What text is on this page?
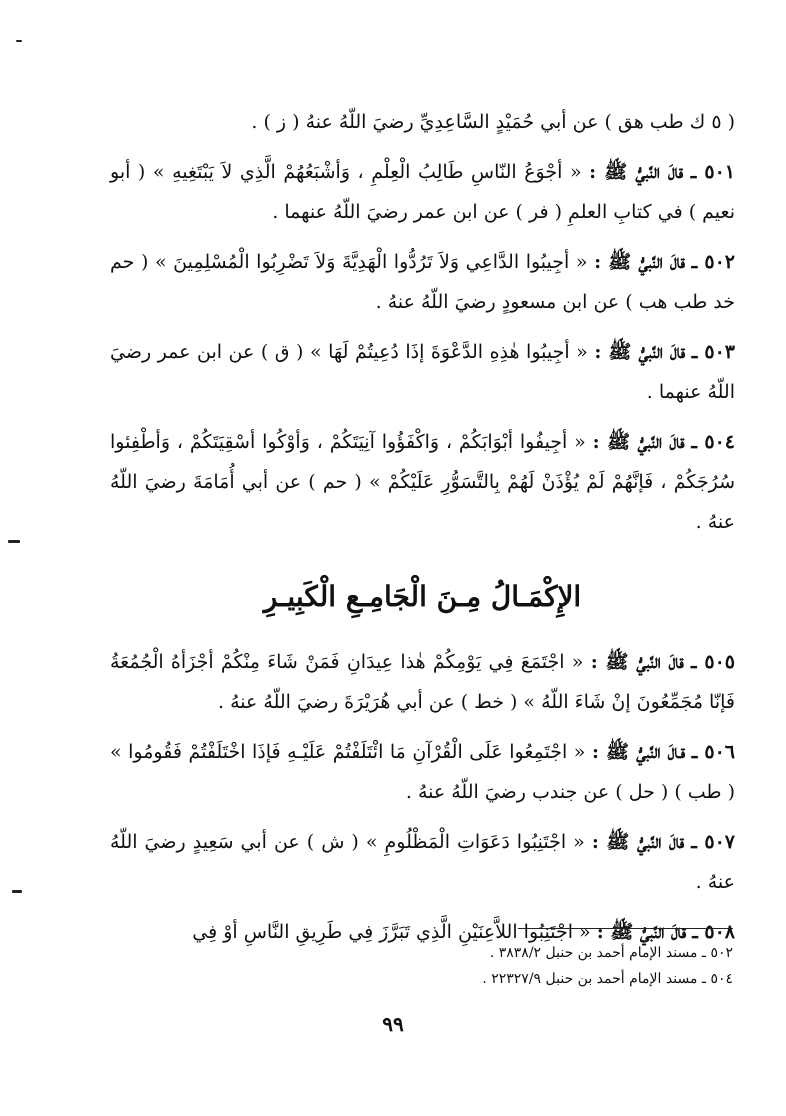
( ٥ ك طب هق ) عن أبي حُمَيْدٍ السَّاعِدِيِّ رضيَ اللّهُ عنهُ ( ز ) .

٥٠١ ـ قالَ النَّبيُّ ﷺ : « أجْوَعُ النّاسِ طَالِبُ الْعِلْمِ ، وَأشْبَعُهُمْ الَّذِي لاَ يَبْتَغِيهِ » ( أبو نعيم ) في كتابِ العلمِ ( فر ) عن ابن عمر رضيَ اللّهُ عنهما .

٥٠٢ ـ قالَ النَّبيُّ ﷺ : « أجِيبُوا الدَّاعِي وَلاَ تَرُدُّوا الْهَدِيَّةَ وَلاَ تَضْرِبُوا الْمُسْلِمِينَ » ( حم خد طب هب ) عن ابن مسعودٍ رضيَ اللّهُ عنهُ .

٥٠٣ ـ قالَ النَّبيُّ ﷺ : « أجِيبُوا هٰذِهِ الدَّعْوَةَ إذَا دُعِيتُمْ لَهَا » ( ق ) عن ابن عمر رضيَ اللّهُ عنهما .

٥٠٤ ـ قالَ النَّبيُّ ﷺ : « أجِيفُوا أبْوَابَكُمْ ، وَاكْفَؤُوا آنِيَتَكُمْ ، وَأوْكُوا أسْقِيَتَكُمْ ، وَأطْفِئوا سُرُجَكُمْ ، فَإنَّهُمْ لَمْ يُؤْذَنْ لَهُمْ بِالتَّسَوُّرِ عَلَيْكُمْ » ( حم ) عن أبي أُمَامَةَ رضيَ اللّهُ عنهُ .

الإِكْمَـالُ مِـنَ الْجَامِـعِ الْكَبِيـرِ

٥٠٥ ـ قالَ النَّبيُّ ﷺ : « اجْتَمَعَ فِي يَوْمِكُمْ هٰذا عِيدَانِ فَمَنْ شَاءَ مِنْكُمْ أجْزَأهُ الْجُمُعَةُ فَإنّا مُجَمِّعُونَ إنْ شَاءَ اللّهُ » ( خط ) عن أبي هُرَيْرَةَ رضيَ اللّهُ عنهُ .

٥٠٦ ـ قـالَ النَّبيُّ ﷺ : « اجْتَمِعُوا عَلَى الْقُرْآنِ مَا ائْتَلَفْتُمْ عَلَيْـهِ فَإذَا اخْتَلَفْتُمْ فَقُومُوا » ( طب ) ( حل ) عن جندب رضيَ اللّهُ عنهُ .

٥٠٧ ـ قالَ النَّبيُّ ﷺ : « اجْتَنِبُوا دَعَوَاتِ الْمَظْلُومِ » ( ش ) عن أبي سَعِيدٍ رضيَ اللّهُ عنهُ .

٥٠٨ ـ قالَ النَّبيُّ ﷺ : « اجْتَنِبُوا اللاَّعِنَيْنِ الَّذِي تَبَرَّزَ فِي طَرِيقِ النَّاسِ أوْ فِي

٥٠٢ ـ مسند الإمام أحمد بن حنبل ٣٨٣٨/٢ .
٥٠٤ ـ مسند الإمام أحمد بن حنبل ٢٢٣٢٧/٩ .
٩٩
